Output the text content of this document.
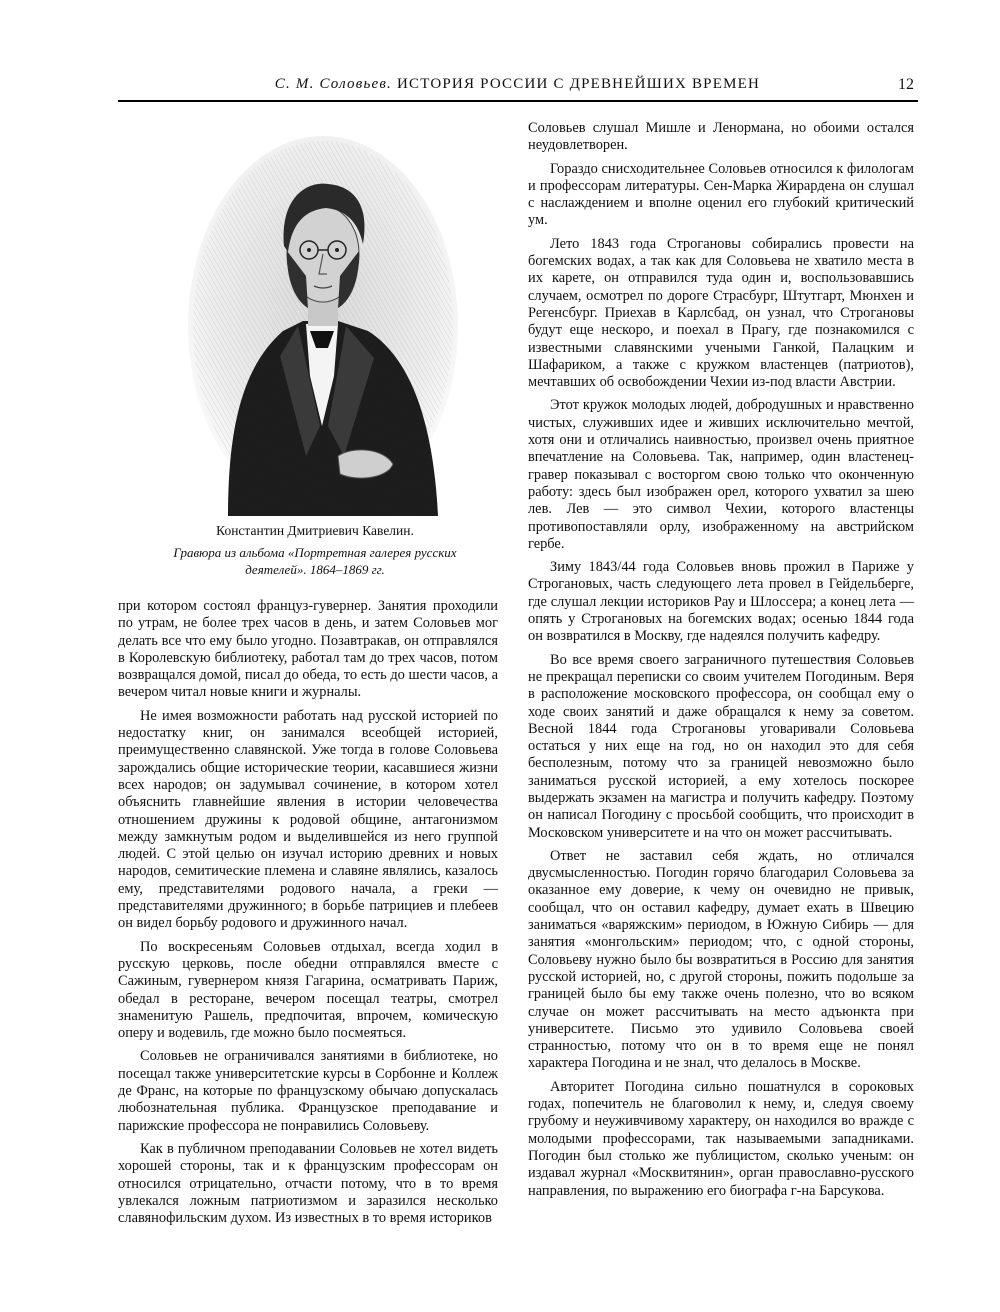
С. М. Соловьев. ИСТОРИЯ РОССИИ С ДРЕВНЕЙШИХ ВРЕМЕН	12
Константин Дмитриевич Кавелин.
Гравюра из альбома «Портретная галерея русских деятелей». 1864–1869 гг.

при котором состоял француз-гувернер. Занятия проходили по утрам, не более трех часов в день, и затем Соловьев мог делать все что ему было угодно. Позавтракав, он отправлялся в Королевскую библиотеку, работал там до трех часов, потом возвращался домой, писал до обеда, то есть до шести часов, а вечером читал новые книги и журналы.

Не имея возможности работать над русской историей по недостатку книг, он занимался всеобщей историей, преимущественно славянской. Уже тогда в голове Соловьева зарождались общие исторические теории, касавшиеся жизни всех народов; он задумывал сочинение, в котором хотел объяснить главнейшие явления в истории человечества отношением дружины к родовой общине, антагонизмом между замкнутым родом и выделившейся из него группой людей. С этой целью он изучал историю древних и новых народов, семитические племена и славяне являлись, казалось ему, представителями родового начала, а греки — представителями дружинного; в борьбе патрициев и плебеев он видел борьбу родового и дружинного начал.

По воскресеньям Соловьев отдыхал, всегда ходил в русскую церковь, после обедни отправлялся вместе с Сажиным, гувернером князя Гагарина, осматривать Париж, обедал в ресторане, вечером посещал театры, смотрел знаменитую Рашель, предпочитая, впрочем, комическую оперу и водевиль, где можно было посмеяться.

Соловьев не ограничивался занятиями в библиотеке, но посещал также университетские курсы в Сорбонне и Коллеж де Франс, на которые по французскому обычаю допускалась любознательная публика. Французское преподавание и парижские профессора не понравились Соловьеву.

Как в публичном преподавании Соловьев не хотел видеть хорошей стороны, так и к французским профессорам он относился отрицательно, отчасти потому, что в то время увлекался ложным патриотизмом и заразился несколько славянофильским духом. Из известных в то время историков

Соловьев слушал Мишле и Ленормана, но обоими остался неудовлетворен.

Гораздо снисходительнее Соловьев относился к филологам и профессорам литературы. Сен-Марка Жирардена он слушал с наслаждением и вполне оценил его глубокий критический ум.

Лето 1843 года Строгановы собирались провести на богемских водах, а так как для Соловьева не хватило места в их карете, он отправился туда один и, воспользовавшись случаем, осмотрел по дороге Страсбург, Штутгарт, Мюнхен и Регенсбург. Приехав в Карлсбад, он узнал, что Строгановы будут еще нескоро, и поехал в Прагу, где познакомился с известными славянскими учеными Ганкой, Палацким и Шафариком, а также с кружком властенцев (патриотов), мечтавших об освобождении Чехии из-под власти Австрии.

Этот кружок молодых людей, добродушных и нравственно чистых, служивших идее и живших исключительно мечтой, хотя они и отличались наивностью, произвел очень приятное впечатление на Соловьева. Так, например, один властенец-гравер показывал с восторгом свою только что оконченную работу: здесь был изображен орел, которого ухватил за шею лев. Лев — это символ Чехии, которого властенцы противопоставляли орлу, изображенному на австрийском гербе.

Зиму 1843/44 года Соловьев вновь прожил в Париже у Строгановых, часть следующего лета провел в Гейдельберге, где слушал лекции историков Рау и Шлоссера; а конец лета — опять у Строгановых на богемских водах; осенью 1844 года он возвратился в Москву, где надеялся получить кафедру.

Во все время своего заграничного путешествия Соловьев не прекращал переписки со своим учителем Погодиным. Веря в расположение московского профессора, он сообщал ему о ходе своих занятий и даже обращался к нему за советом. Весной 1844 года Строгановы уговаривали Соловьева остаться у них еще на год, но он находил это для себя бесполезным, потому что за границей невозможно было заниматься русской историей, а ему хотелось поскорее выдержать экзамен на магистра и получить кафедру. Поэтому он написал Погодину с просьбой сообщить, что происходит в Московском университете и на что он может рассчитывать.

Ответ не заставил себя ждать, но отличался двусмысленностью. Погодин горячо благодарил Соловьева за оказанное ему доверие, к чему он очевидно не привык, сообщал, что он оставил кафедру, думает ехать в Швецию заниматься «варяжским» периодом, в Южную Сибирь — для занятия «монгольским» периодом; что, с одной стороны, Соловьеву нужно было бы возвратиться в Россию для занятия русской историей, но, с другой стороны, пожить подольше за границей было бы ему также очень полезно, что во всяком случае он может рассчитывать на место адъюнкта при университете. Письмо это удивило Соловьева своей странностью, потому что он в то время еще не понял характера Погодина и не знал, что делалось в Москве.

Авторитет Погодина сильно пошатнулся в сороковых годах, попечитель не благоволил к нему, и, следуя своему грубому и неуживчивому характеру, он находился во вражде с молодыми профессорами, так называемыми западниками. Погодин был столько же публицистом, сколько ученым: он издавал журнал «Москвитянин», орган православно-русского направления, по выражению его биографа г-на Барсукова.
